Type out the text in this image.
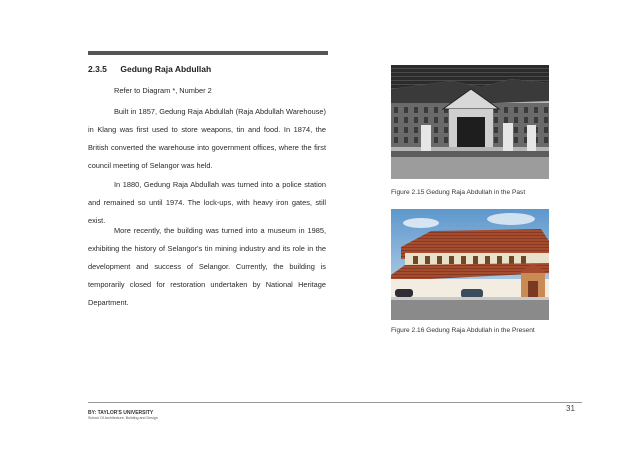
2.3.5 Gedung Raja Abdullah
Refer to Diagram *, Number 2
Built in 1857, Gedung Raja Abdullah (Raja Abdullah Warehouse) in Klang was first used to store weapons, tin and food. In 1874, the British converted the warehouse into government offices, where the first council meeting of Selangor was held.
In 1880, Gedung Raja Abdullah was turned into a police station and remained so until 1974. The lock-ups, with heavy iron gates, still exist.
More recently, the building was turned into a museum in 1985, exhibiting the history of Selangor's tin mining industry and its role in the development and success of Selangor. Currently, the building is temporarily closed for restoration undertaken by National Heritage Department.
Figure 2.15 Gedung Raja Abdullah in the Past
Figure 2.16 Gedung Raja Abdullah in the Present
31
BY: TAYLOR'S UNIVERSITY
School Of Architecture, Building and Design
